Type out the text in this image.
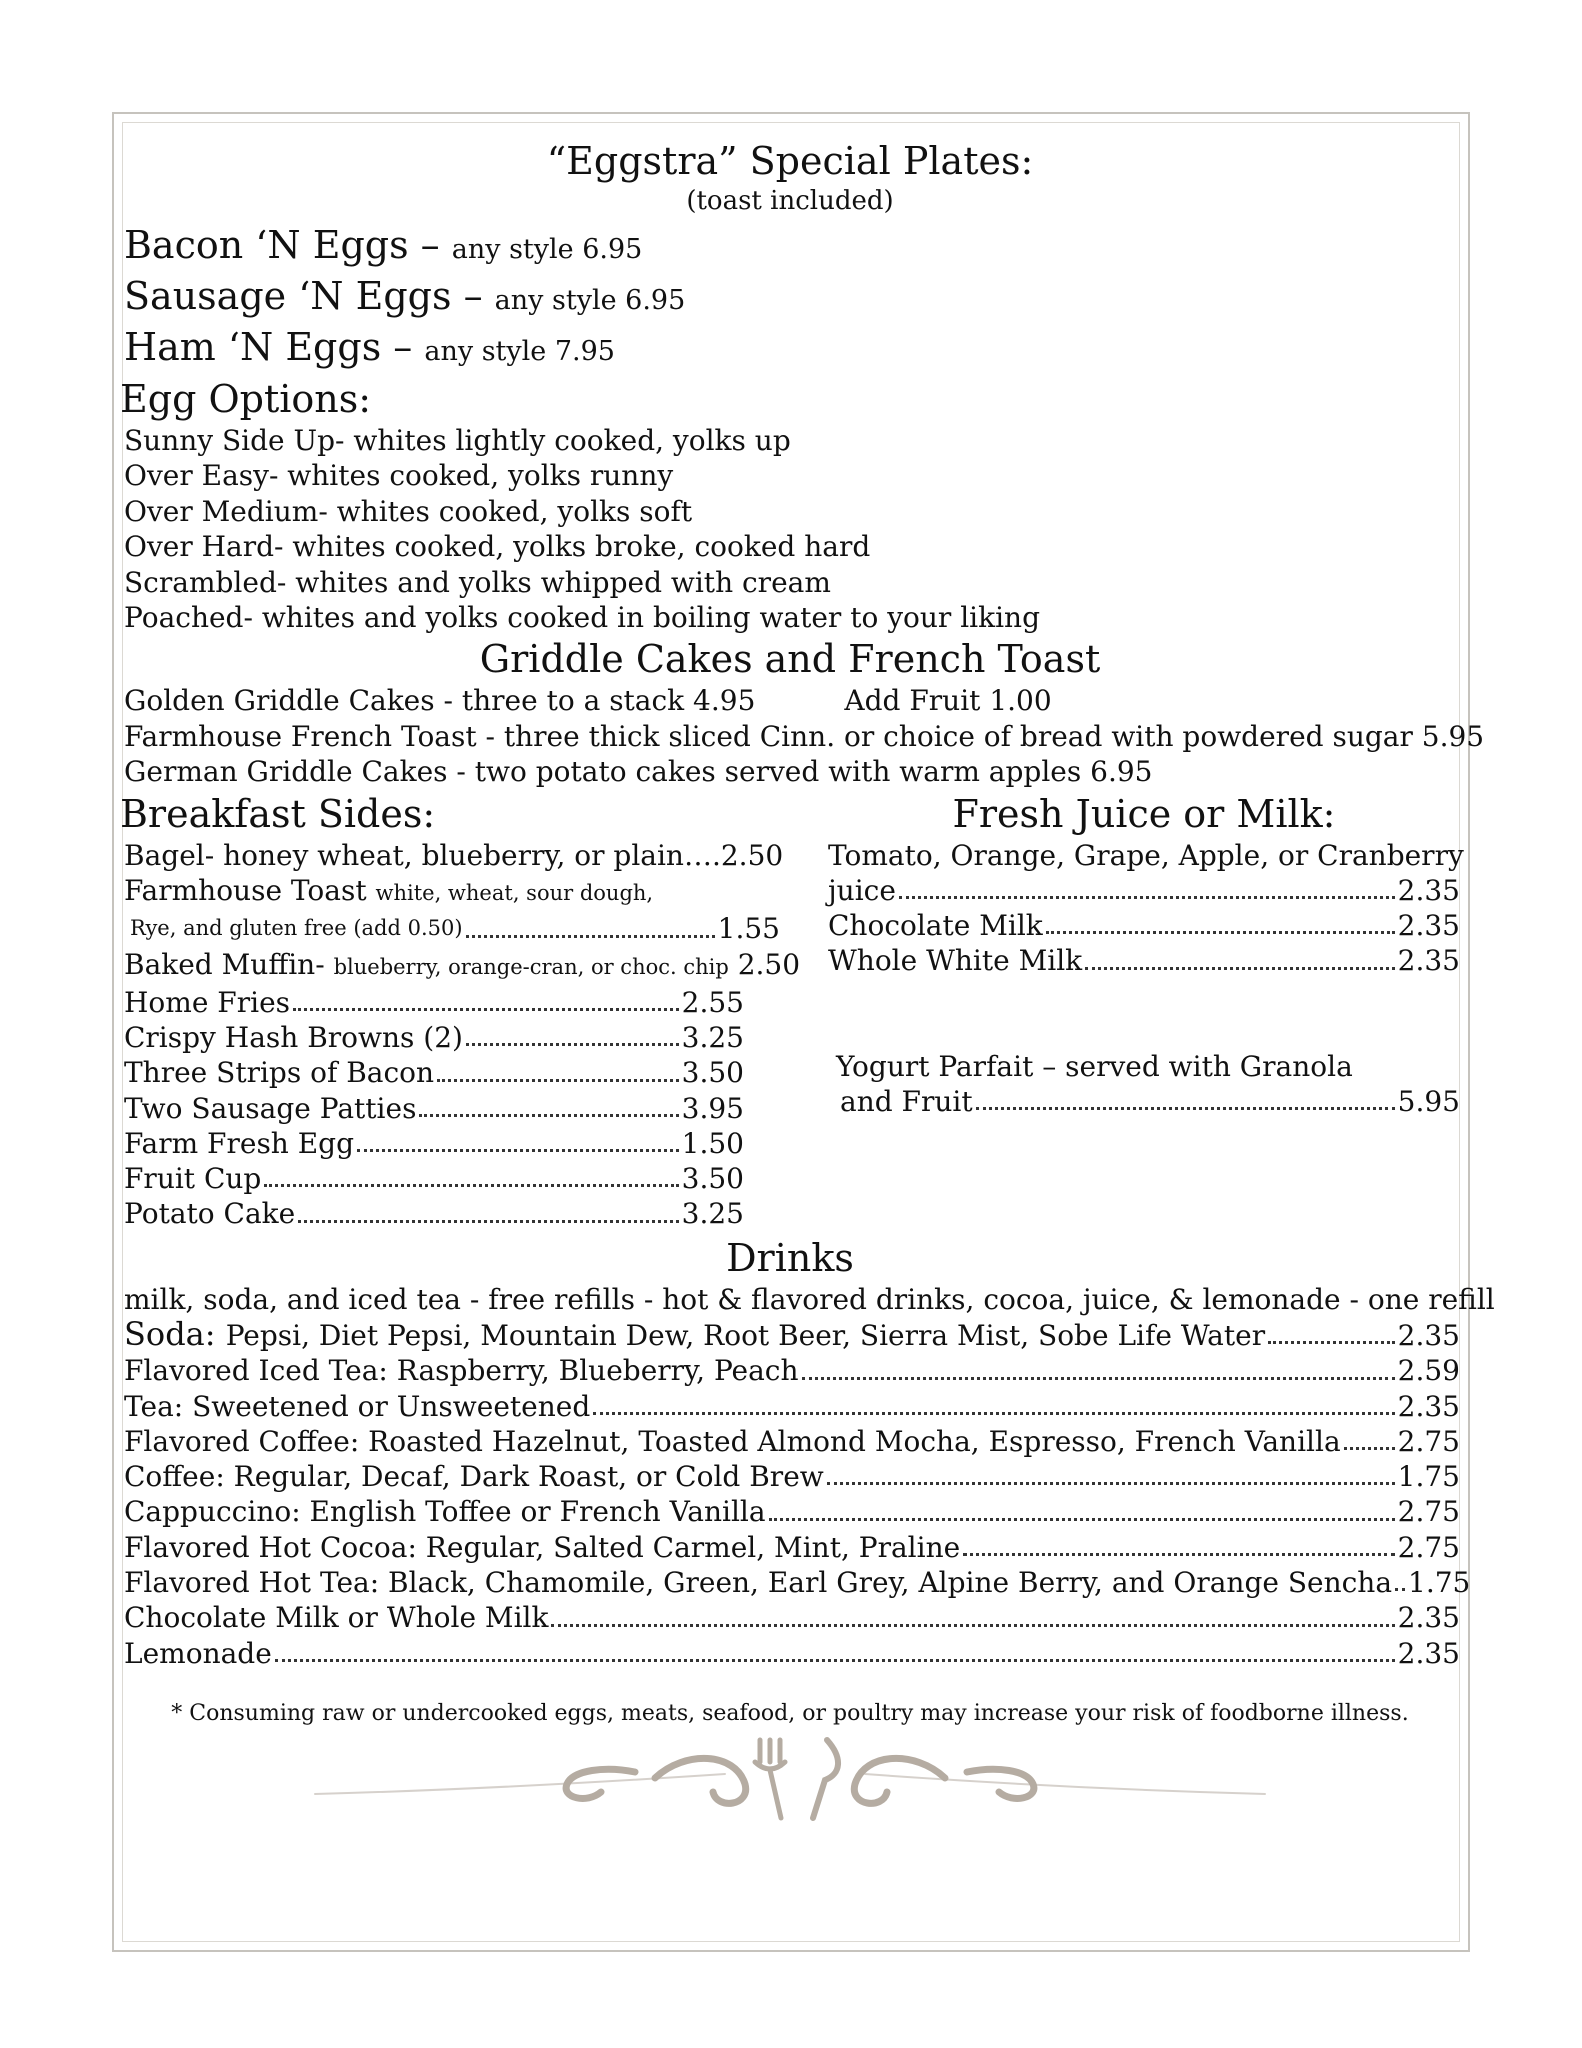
“Eggstra” Special Plates:
(toast included)
Bacon ‘N Eggs – any style 6.95
Sausage ‘N Eggs – any style 6.95
Ham ‘N Eggs – any style 7.95
Egg Options:
Sunny Side Up- whites lightly cooked, yolks up
Over Easy- whites cooked, yolks runny
Over Medium- whites cooked, yolks soft
Over Hard- whites cooked, yolks broke, cooked hard
Scrambled- whites and yolks whipped with cream
Poached- whites and yolks cooked in boiling water to your liking
Griddle Cakes and French Toast
Golden Griddle Cakes - three to a stack 4.95          Add Fruit 1.00
Farmhouse French Toast - three thick sliced Cinn. or choice of bread with powdered sugar 5.95
German Griddle Cakes - two potato cakes served with warm apples 6.95
Breakfast Sides:
Bagel- honey wheat, blueberry, or plain….2.50
Farmhouse Toast white, wheat, sour dough,
Rye, and gluten free (add 0.50)	1.55
Baked Muffin- blueberry, orange-cran, or choc. chip 2.50
Home Fries	2.55
Crispy Hash Browns (2)	3.25
Three Strips of Bacon	3.50
Two Sausage Patties	3.95
Farm Fresh Egg	1.50
Fruit Cup	3.50
Potato Cake	3.25
Fresh Juice or Milk:
Tomato, Orange, Grape, Apple, or Cranberry
juice	2.35
Chocolate Milk	2.35
Whole White Milk	2.35
Yogurt Parfait – served with Granola
and Fruit	5.95
Drinks
milk, soda, and iced tea - free refills - hot & flavored drinks, cocoa, juice, & lemonade - one refill
Soda: Pepsi, Diet Pepsi, Mountain Dew, Root Beer, Sierra Mist, Sobe Life Water	2.35
Flavored Iced Tea: Raspberry, Blueberry, Peach	2.59
Tea: Sweetened or Unsweetened	2.35
Flavored Coffee: Roasted Hazelnut, Toasted Almond Mocha, Espresso, French Vanilla 2.75
Coffee: Regular, Decaf, Dark Roast, or Cold Brew	1.75
Cappuccino: English Toffee or French Vanilla	2.75
Flavored Hot Cocoa: Regular, Salted Carmel, Mint, Praline	2.75
Flavored Hot Tea: Black, Chamomile, Green, Earl Grey, Alpine Berry, and Orange Sencha 1.75
Chocolate Milk or Whole Milk	2.35
Lemonade	2.35
* Consuming raw or undercooked eggs, meats, seafood, or poultry may increase your risk of foodborne illness.
